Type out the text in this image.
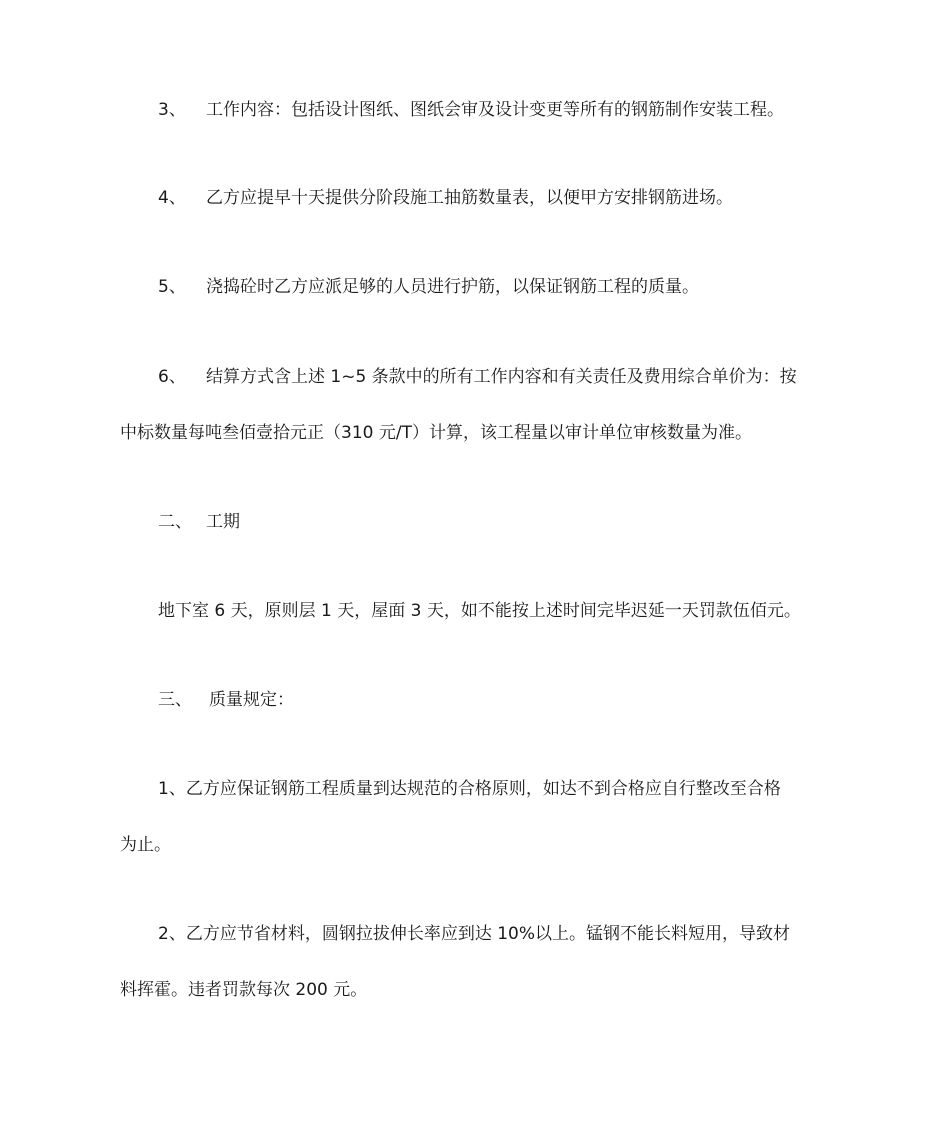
3、 工作内容：包括设计图纸、图纸会审及设计变更等所有的钢筋制作安装工程。
4、 乙方应提早十天提供分阶段施工抽筋数量表，以便甲方安排钢筋进场。
5、 浇捣砼时乙方应派足够的人员进行护筋，以保证钢筋工程的质量。
6、 结算方式含上述 1~5 条款中的所有工作内容和有关责任及费用综合单价为：按
中标数量每吨叁佰壹拾元正（310 元/T）计算，该工程量以审计单位审核数量为准。
二、 工期
地下室 6 天，原则层 1 天，屋面 3 天，如不能按上述时间完毕迟延一天罚款伍佰元。
三、 质量规定：
1、乙方应保证钢筋工程质量到达规范的合格原则，如达不到合格应自行整改至合格
为止。
2、乙方应节省材料，圆钢拉拔伸长率应到达 10%以上。锰钢不能长料短用，导致材
料挥霍。违者罚款每次 200 元。
